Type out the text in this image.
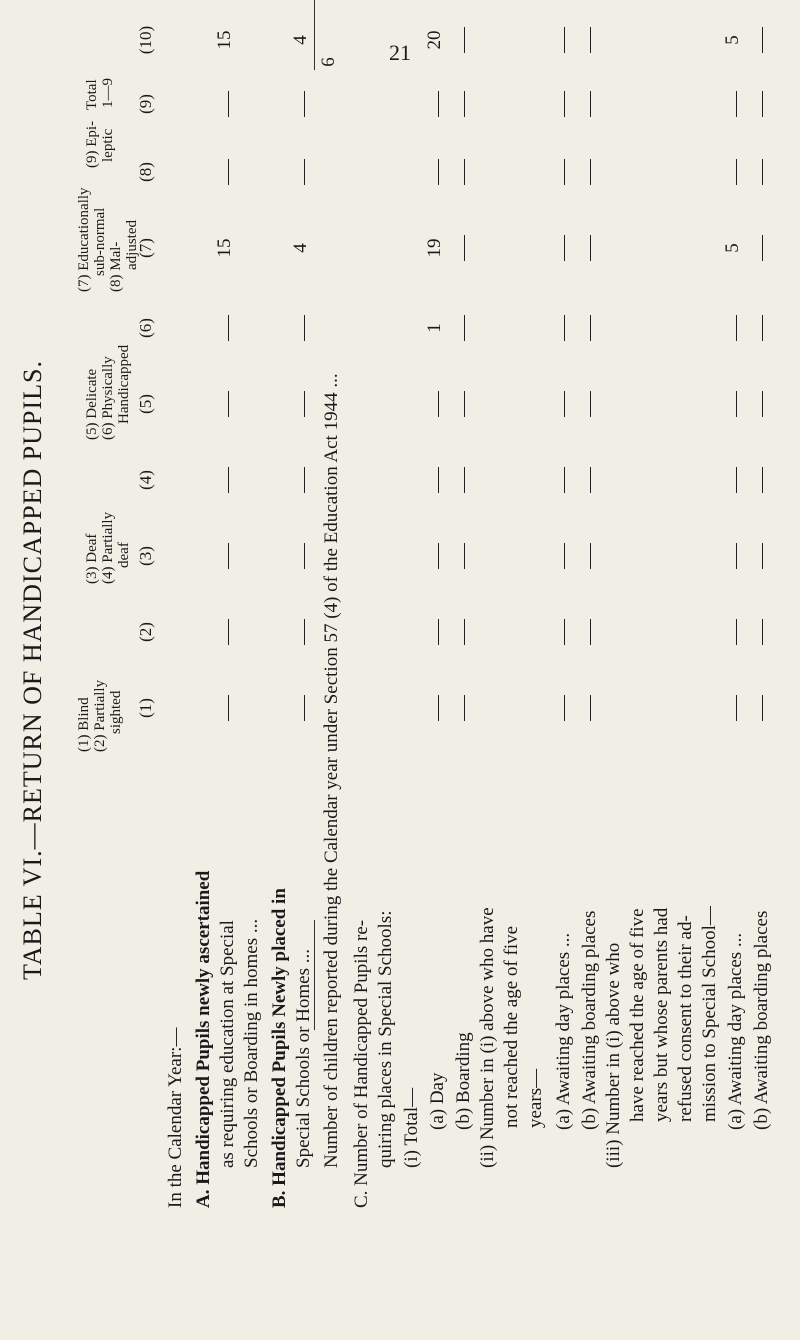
21
TABLE VI.—RETURN OF HANDICAPPED PUPILS. (1) Blind (2) Partially sighted
(3) Deaf (4) Partially deaf
(5) Delicate (6) Physically Handicapped
(7) Educationally sub-normal (8) Mal- adjusted
(9) Epi- leptic
Total 1—9
(1)
(2)
(3)
(4)
(5)
(6)
(7)
(8)
(9)
(10)
In the Calendar Year:— A. Handicapped Pupils newly ascertained as requiring education at Special Schools or Boarding in homes ... B. Handicapped Pupils Newly placed in Special Schools or Homes ... Number of children reported during the Calendar year under Section 57 (4) of the Education Act 1944 ... C. Number of Handicapped Pupils re- quiring places in Special Schools: (i) Total— (a) Day (b) Boarding (ii) Number in (i) above who have not reached the age of five years— (a) Awaiting day places ... (b) Awaiting boarding places (iii) Number in (i) above who have reached the age of five years but whose parents had refused consent to their ad- mission to Special School— (a) Awaiting day places ... (b) Awaiting boarding places
15
15
4
4
1
19
20
5
5
6
